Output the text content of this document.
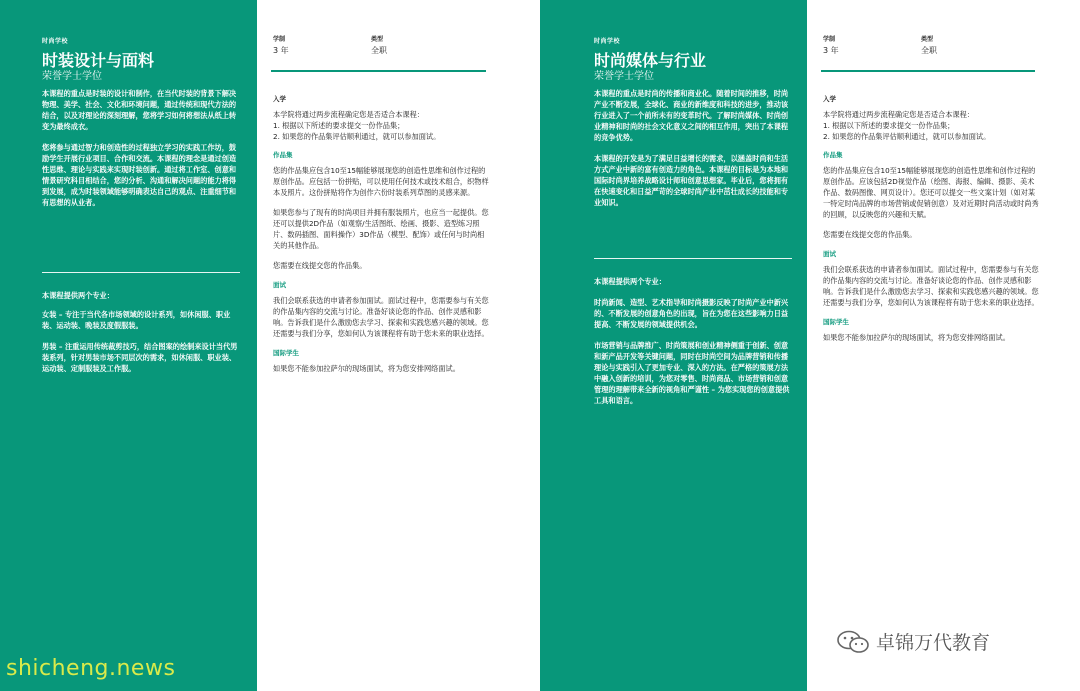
时尚学校
时装设计与面料
荣誉学士学位

本课程的重点是时装的设计和制作，在当代时装的背景下解决物理、美学、社会、文化和环境问题，通过传统和现代方法的结合，以及对理论的深刻理解，您将学习如何将想法从纸上转变为最终成衣。

您将参与通过智力和创造性的过程独立学习的实践工作坊，鼓励学生开展行业项目、合作和交流。本课程的理念是通过创造性思维、理论与实践来实现时装创新。通过将工作室、创意和情景研究科目相结合，您的分析、沟通和解决问题的能力将得到发展，成为时装领域能够明确表达自己的观点、注重细节和有思想的从业者。

本课程提供两个专业：

女装 – 专注于当代各市场领域的设计系列，如休闲服、职业装、运动装、晚装及度假服装。

男装 – 注重运用传统裁剪技巧，结合图案的绘制来设计当代男装系列，针对男装市场不同层次的需求，如休闲服、职业装、运动装、定制服装及工作服。

学制
3 年
类型
全职
入学
本学院将通过两步流程确定您是否适合本课程：
1. 根据以下所述的要求提交一份作品集；
2. 如果您的作品集评估顺利通过，就可以参加面试。
作品集

您的作品集应包含10至15幅能够展现您的创造性思维和创作过程的原创作品。应包括一份拼贴，可以使用任何技术或技术组合，织物样本及照片。这份拼贴将作为创作六份时装系列草图的灵感来源。

如果您参与了现有的时尚项目并拥有服装照片，也应当一起提供。您还可以提供2D作品（如观察/生活图纸、绘画、摄影、造型练习照片、数码插图、面料操作）3D作品（模型、配饰）或任何与时尚相关的其他作品。

您需要在线提交您的作品集。

面试

我们会联系获选的申请者参加面试。面试过程中，您需要参与有关您的作品集内容的交流与讨论。准备好谈论您的作品、创作灵感和影响。告诉我们是什么激励您去学习、探索和实践您感兴趣的领域。您还需要与我们分享，您如何认为该课程将有助于您未来的职业选择。

国际学生

如果您不能参加拉萨尔的现场面试，将为您安排网络面试。

时尚学校
时尚媒体与行业
荣誉学士学位

本课程的重点是时尚的传播和商业化。随着时间的推移，时尚产业不断发展，全球化、商业的新维度和科技的进步，推动该行业进入了一个前所未有的变革时代。了解时尚媒体、时尚创业精神和时尚的社会文化意义之间的相互作用，突出了本课程的竞争优势。

本课程的开发是为了满足日益增长的需求，以涵盖时尚和生活方式产业中新的富有创造力的角色。本课程的目标是为本地和国际时尚界培养战略设计师和创意思想家。毕业后，您将拥有在快速变化和日益严苛的全球时尚产业中茁壮成长的技能和专业知识。

本课程提供两个专业：

时尚新闻、造型、艺术指导和时尚摄影反映了时尚产业中新兴的、不断发展的创意角色的出现，旨在为您在这些影响力日益提高、不断发展的领域提供机会。

市场营销与品牌推广、时尚策展和创业精神侧重于创新、创意和新产品开发等关键问题，同时在时尚空间为品牌营销和传播理论与实践引入了更加专业、深入的方法。在严格的策展方法中融入创新的培训，为您对零售、时尚商品、市场营销和创意管理的理解带来全新的视角和严谨性 – 为您实现您的创意提供工具和语言。

学制
3 年
类型
全职
入学
本学院将通过两步流程确定您是否适合本课程：
1. 根据以下所述的要求提交一份作品集；
2. 如果您的作品集评估顺利通过，就可以参加面试。
作品集

您的作品集应包含10至15幅能够展现您的创造性思维和创作过程的原创作品。应该包括2D视觉作品（绘图、海报、编辑、摄影、美术作品、数码图像、网页设计）。您还可以提交一些文案计划（如对某一特定时尚品牌的市场营销或促销创意）及对近期时尚活动或时尚秀的回顾，以反映您的兴趣和天赋。

您需要在线提交您的作品集。

面试

我们会联系获选的申请者参加面试。面试过程中，您需要参与有关您的作品集内容的交流与讨论。准备好谈论您的作品、创作灵感和影响。告诉我们是什么激励您去学习、探索和实践您感兴趣的领域。您还需要与我们分享，您如何认为该课程将有助于您未来的职业选择。

国际学生

如果您不能参加拉萨尔的现场面试，将为您安排网络面试。

shicheng.news
卓锦万代教育
